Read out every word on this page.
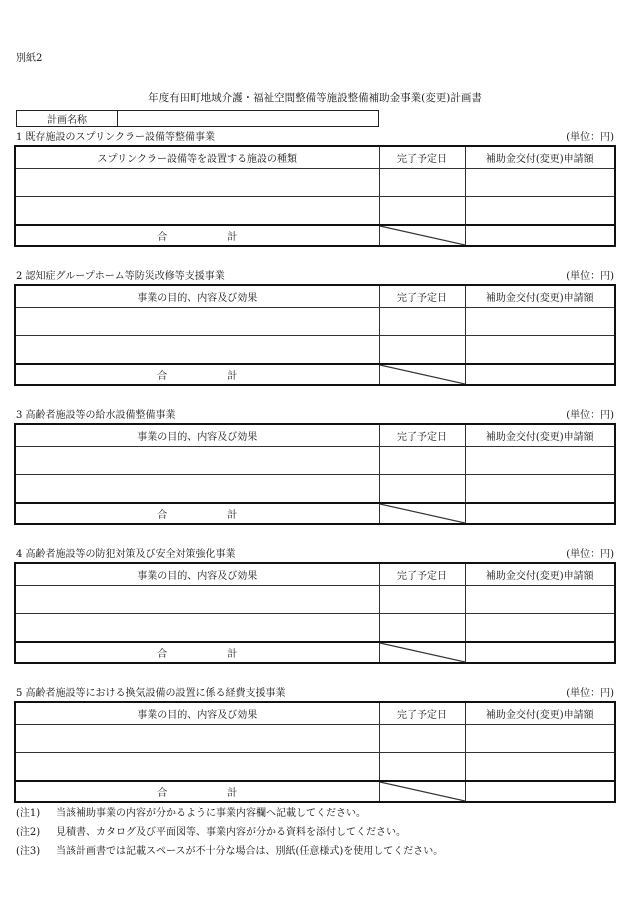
別紙2
年度有田町地域介護・福祉空間整備等施設整備補助金事業(変更)計画書
計画名称	
1 既存施設のスプリンクラー設備等整備事業	(単位：円)
スプリンクラー設備等を設置する施設の種類	完了予定日	補助金交付(変更)申請額

合 計	

2 認知症グループホーム等防災改修等支援事業	(単位：円)
事業の目的、内容及び効果	完了予定日	補助金交付(変更)申請額

合 計	

3 高齢者施設等の給水設備整備事業	(単位：円)
事業の目的、内容及び効果	完了予定日	補助金交付(変更)申請額

合 計	

4 高齢者施設等の防犯対策及び安全対策強化事業	(単位：円)
事業の目的、内容及び効果	完了予定日	補助金交付(変更)申請額

合 計	

5 高齢者施設等における換気設備の設置に係る経費支援事業	(単位：円)
事業の目的、内容及び効果	完了予定日	補助金交付(変更)申請額

合 計	

(注1)	当該補助事業の内容が分かるように事業内容欄へ記載してください。
(注2)	見積書、カタログ及び平面図等、事業内容が分かる資料を添付してください。
(注3)	当該計画書では記載スペースが不十分な場合は、別紙(任意様式)を使用してください。
